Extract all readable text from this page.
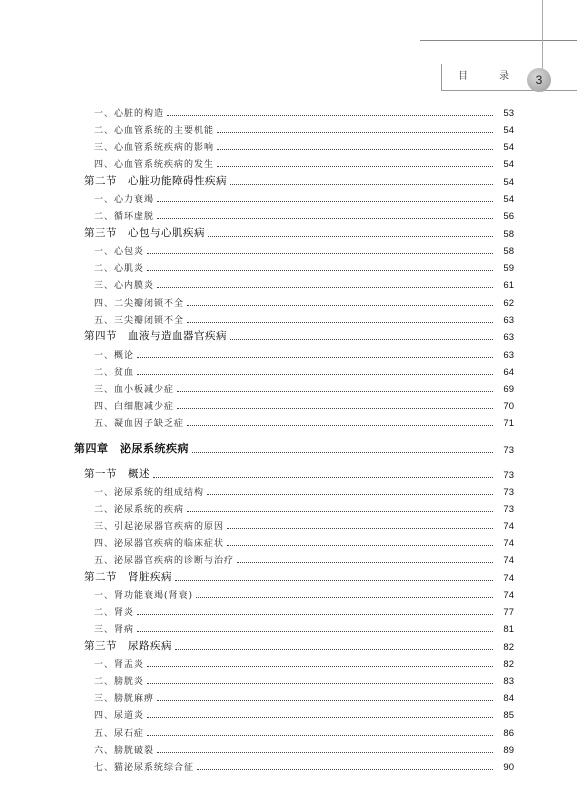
目 录	3
一、心脏的构造	53
二、心血管系统的主要机能	54
三、心血管系统疾病的影响	54
四、心血管系统疾病的发生	54
第二节　心脏功能障碍性疾病	54
一、心力衰竭	54
二、循环虚脱	56
第三节　心包与心肌疾病	58
一、心包炎	58
二、心肌炎	59
三、心内膜炎	61
四、二尖瓣闭锁不全	62
五、三尖瓣闭锁不全	63
第四节　血液与造血器官疾病	63
一、概论	63
二、贫血	64
三、血小板减少症	69
四、白细胞减少症	70
五、凝血因子缺乏症	71
第四章　泌尿系统疾病	73
第一节　概述	73
一、泌尿系统的组成结构	73
二、泌尿系统的疾病	73
三、引起泌尿器官疾病的原因	74
四、泌尿器官疾病的临床症状	74
五、泌尿器官疾病的诊断与治疗	74
第二节　肾脏疾病	74
一、肾功能衰竭(肾衰)	74
二、肾炎	77
三、肾病	81
第三节　尿路疾病	82
一、肾盂炎	82
二、膀胱炎	83
三、膀胱麻痹	84
四、尿道炎	85
五、尿石症	86
六、膀胱破裂	89
七、猫泌尿系统综合征	90
